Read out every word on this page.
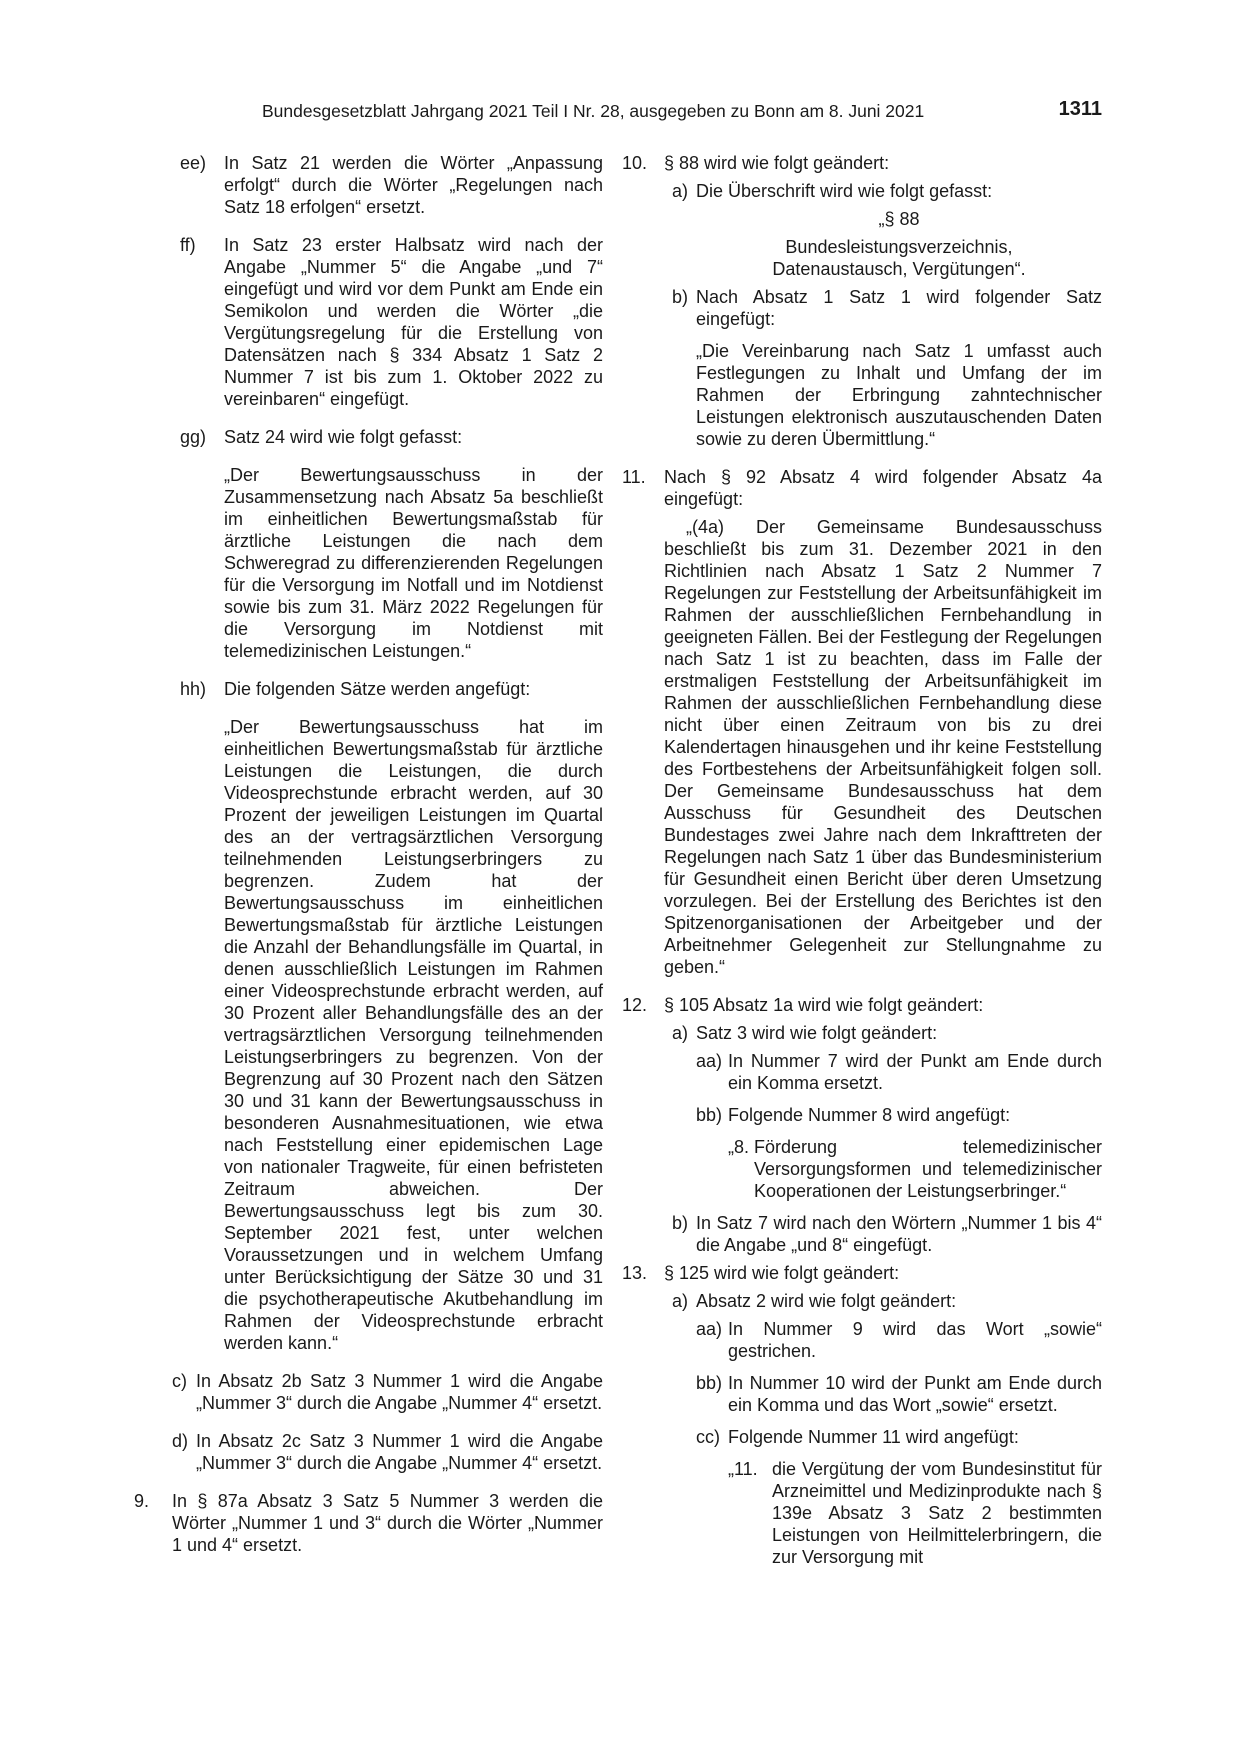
Bundesgesetzblatt Jahrgang 2021 Teil I Nr. 28, ausgegeben zu Bonn am 8. Juni 2021	1311
ee) In Satz 21 werden die Wörter „Anpassung erfolgt“ durch die Wörter „Regelungen nach Satz 18 erfolgen“ ersetzt.
ff) In Satz 23 erster Halbsatz wird nach der Angabe „Nummer 5“ die Angabe „und 7“ eingefügt und wird vor dem Punkt am Ende ein Semikolon und werden die Wörter „die Vergütungsregelung für die Erstellung von Datensätzen nach § 334 Absatz 1 Satz 2 Nummer 7 ist bis zum 1. Oktober 2022 zu vereinbaren“ eingefügt.
gg) Satz 24 wird wie folgt gefasst:

„Der Bewertungsausschuss in der Zusammensetzung nach Absatz 5a beschließt im einheitlichen Bewertungsmaßstab für ärztliche Leistungen die nach dem Schweregrad zu differenzierenden Regelungen für die Versorgung im Notfall und im Notdienst sowie bis zum 31. März 2022 Regelungen für die Versorgung im Notdienst mit telemedizinischen Leistungen.“

hh) Die folgenden Sätze werden angefügt:

„Der Bewertungsausschuss hat im einheitlichen Bewertungsmaßstab für ärztliche Leistungen die Leistungen, die durch Videosprechstunde erbracht werden, auf 30 Prozent der jeweiligen Leistungen im Quartal des an der vertragsärztlichen Versorgung teilnehmenden Leistungserbringers zu begrenzen. Zudem hat der Bewertungsausschuss im einheitlichen Bewertungsmaßstab für ärztliche Leistungen die Anzahl der Behandlungsfälle im Quartal, in denen ausschließlich Leistungen im Rahmen einer Videosprechstunde erbracht werden, auf 30 Prozent aller Behandlungsfälle des an der vertragsärztlichen Versorgung teilnehmenden Leistungserbringers zu begrenzen. Von der Begrenzung auf 30 Prozent nach den Sätzen 30 und 31 kann der Bewertungsausschuss in besonderen Ausnahmesituationen, wie etwa nach Feststellung einer epidemischen Lage von nationaler Tragweite, für einen befristeten Zeitraum abweichen. Der Bewertungsausschuss legt bis zum 30. September 2021 fest, unter welchen Voraussetzungen und in welchem Umfang unter Berücksichtigung der Sätze 30 und 31 die psychotherapeutische Akutbehandlung im Rahmen der Videosprechstunde erbracht werden kann.“

c) In Absatz 2b Satz 3 Nummer 1 wird die Angabe „Nummer 3“ durch die Angabe „Nummer 4“ ersetzt.
d) In Absatz 2c Satz 3 Nummer 1 wird die Angabe „Nummer 3“ durch die Angabe „Nummer 4“ ersetzt.
9. In § 87a Absatz 3 Satz 5 Nummer 3 werden die Wörter „Nummer 1 und 3“ durch die Wörter „Nummer 1 und 4“ ersetzt.
10. § 88 wird wie folgt geändert:
a) Die Überschrift wird wie folgt gefasst:

„§ 88

Bundesleistungsverzeichnis,

Datenaustausch, Vergütungen“.

b) Nach Absatz 1 Satz 1 wird folgender Satz eingefügt:

„Die Vereinbarung nach Satz 1 umfasst auch Festlegungen zu Inhalt und Umfang der im Rahmen der Erbringung zahntechnischer Leistungen elektronisch auszutauschenden Daten sowie zu deren Übermittlung.“

11. Nach § 92 Absatz 4 wird folgender Absatz 4a eingefügt:

„(4a) Der Gemeinsame Bundesausschuss beschließt bis zum 31. Dezember 2021 in den Richtlinien nach Absatz 1 Satz 2 Nummer 7 Regelungen zur Feststellung der Arbeitsunfähigkeit im Rahmen der ausschließlichen Fernbehandlung in geeigneten Fällen. Bei der Festlegung der Regelungen nach Satz 1 ist zu beachten, dass im Falle der erstmaligen Feststellung der Arbeitsunfähigkeit im Rahmen der ausschließlichen Fernbehandlung diese nicht über einen Zeitraum von bis zu drei Kalendertagen hinausgehen und ihr keine Feststellung des Fortbestehens der Arbeitsunfähigkeit folgen soll. Der Gemeinsame Bundesausschuss hat dem Ausschuss für Gesundheit des Deutschen Bundestages zwei Jahre nach dem Inkrafttreten der Regelungen nach Satz 1 über das Bundesministerium für Gesundheit einen Bericht über deren Umsetzung vorzulegen. Bei der Erstellung des Berichtes ist den Spitzenorganisationen der Arbeitgeber und der Arbeitnehmer Gelegenheit zur Stellungnahme zu geben.“

12. § 105 Absatz 1a wird wie folgt geändert:
a) Satz 3 wird wie folgt geändert:
aa) In Nummer 7 wird der Punkt am Ende durch ein Komma ersetzt.
bb) Folgende Nummer 8 wird angefügt:
„8. Förderung telemedizinischer Versorgungsformen und telemedizinischer Kooperationen der Leistungserbringer.“
b) In Satz 7 wird nach den Wörtern „Nummer 1 bis 4“ die Angabe „und 8“ eingefügt.
13. § 125 wird wie folgt geändert:
a) Absatz 2 wird wie folgt geändert:
aa) In Nummer 9 wird das Wort „sowie“ gestrichen.
bb) In Nummer 10 wird der Punkt am Ende durch ein Komma und das Wort „sowie“ ersetzt.
cc) Folgende Nummer 11 wird angefügt:
„11. die Vergütung der vom Bundesinstitut für Arzneimittel und Medizinprodukte nach § 139e Absatz 3 Satz 2 bestimmten Leistungen von Heilmittelerbringern, die zur Versorgung mit
